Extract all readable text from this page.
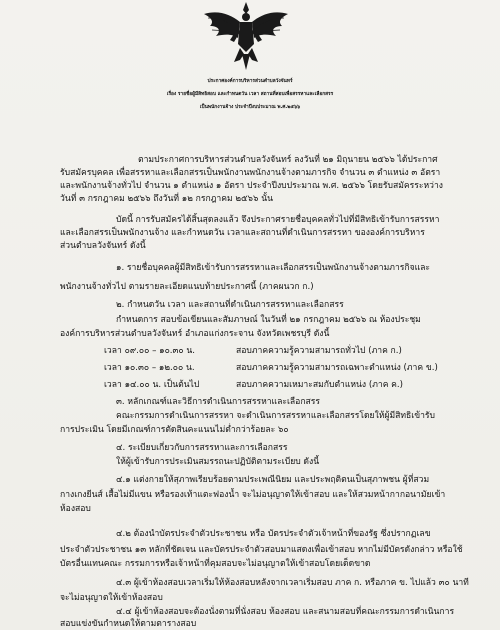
ประกาศองค์การบริหารส่วนตำบลวังจันทร์
เรื่อง รายชื่อผู้มีสิทธิสอบ และกำหนดวัน เวลา สถานที่สอบเพื่อสรรหาและเลือกสรร
เป็นพนักงานจ้าง ประจำปีงบประมาณ พ.ศ.๒๕๖๖
ตามประกาศการบริหารส่วนตำบลวังจันทร์ ลงวันที่ ๒๑ มิถุนายน ๒๕๖๖ ได้ประกาศ
รับสมัครบุคคล เพื่อสรรหาและเลือกสรรเป็นพนักงานพนักงานจ้างตามภารกิจ จำนวน ๓ ตำแหน่ง ๓ อัตรา
และพนักงานจ้างทั่วไป จำนวน ๑ ตำแหน่ง ๑ อัตรา ประจำปีงบประมาณ พ.ศ. ๒๕๖๖ โดยรับสมัครระหว่าง
วันที่ ๓ กรกฎาคม ๒๕๖๖ ถึงวันที่ ๑๒ กรกฎาคม ๒๕๖๖ นั้น
บัดนี้ การรับสมัครได้สิ้นสุดลงแล้ว จึงประกาศรายชื่อบุคคลทั่วไปที่มีสิทธิเข้ารับการสรรหา
และเลือกสรรเป็นพนักงานจ้าง และกำหนดวัน เวลาและสถานที่ดำเนินการสรรหา ขององค์การบริหาร
ส่วนตำบลวังจันทร์ ดังนี้
๑. รายชื่อบุคคลผู้มีสิทธิเข้ารับการสรรหาและเลือกสรรเป็นพนักงานจ้างตามภารกิจและ
พนักงานจ้างทั่วไป ตามรายละเอียดแนบท้ายประกาศนี้ (ภาคผนวก ก.)
๒. กำหนดวัน เวลา และสถานที่ดำเนินการสรรหาและเลือกสรร
กำหนดการ สอบข้อเขียนและสัมภาษณ์ ในวันที่ ๒๑ กรกฎาคม ๒๕๖๖ ณ ห้องประชุม
องค์การบริหารส่วนตำบลวังจันทร์ อำเภอแก่งกระจาน จังหวัดเพชรบุรี ดังนี้
เวลา ๐๙.๐๐ – ๑๐.๓๐ น.	สอบภาคความรู้ความสามารถทั่วไป (ภาค ก.)
เวลา ๑๐.๓๐ – ๑๒.๐๐ น.	สอบภาคความรู้ความสามารถเฉพาะตำแหน่ง (ภาค ข.)
เวลา ๑๔.๐๐ น. เป็นต้นไป	สอบภาคความเหมาะสมกับตำแหน่ง (ภาค ค.)
๓. หลักเกณฑ์และวิธีการดำเนินการสรรหาและเลือกสรร
คณะกรรมการดำเนินการสรรหา จะดำเนินการสรรหาและเลือกสรรโดยให้ผู้มีสิทธิเข้ารับ
การประเมิน โดยมีเกณฑ์การตัดสินคะแนนไม่ต่ำกว่าร้อยละ ๖๐
๔. ระเบียบเกี่ยวกับการสรรหาและการเลือกสรร
ให้ผู้เข้ารับการประเมินสมรรถนะปฏิบัติตามระเบียบ ดังนี้
๔.๑ แต่งกายให้สุภาพเรียบร้อยตามประเพณีนิยม และประพฤติตนเป็นสุภาพชน ผู้ที่สวม
กางเกงยีนส์ เสื้อไม่มีแขน หรือรองเท้าแตะฟองน้ำ จะไม่อนุญาตให้เข้าสอบ และให้สวมหน้ากากอนามัยเข้า
ห้องสอบ
๔.๒ ต้องนำบัตรประจำตัวประชาชน หรือ บัตรประจำตัวเจ้าหน้าที่ของรัฐ ซึ่งปรากฏเลข
ประจำตัวประชาชน ๑๓ หลักที่ชัดเจน และบัตรประจำตัวสอบมาแสดงเพื่อเข้าสอบ หากไม่มีบัตรดังกล่าว หรือใช้
บัตรอื่นแทนคณะ กรรมการหรือเจ้าหน้าที่คุมสอบจะไม่อนุญาตให้เข้าสอบโดยเด็ดขาด
๔.๓ ผู้เข้าห้องสอบเวลาเริ่มให้ห้องสอบหลังจากเวลาเริ่มสอบ ภาค ก. หรือภาค ข. ไปแล้ว ๓๐ นาที
จะไม่อนุญาตให้เข้าห้องสอบ
๔.๔ ผู้เข้าห้องสอบจะต้องนั่งตามที่นั่งสอบ ห้องสอบ และสนามสอบที่คณะกรรมการดำเนินการ
สอบแข่งขันกำหนดให้ตามตารางสอบ
